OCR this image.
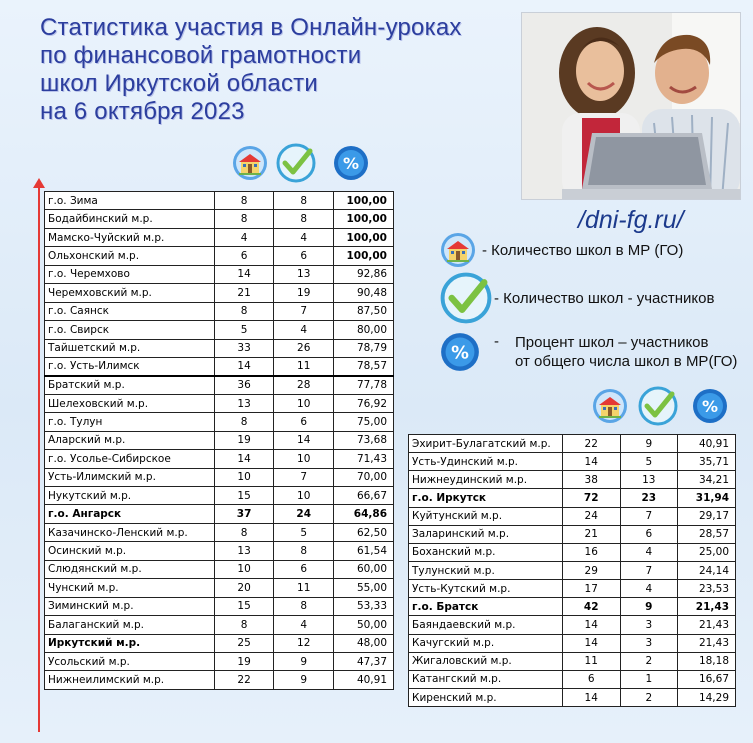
Статистика участия в Онлайн-уроках
по финансовой грамотности
школ Иркутской области
на 6 октября 2023
/dni-fg.ru/
%
г.о. Зима	8	8	100,00
Бодайбинский м.р.	8	8	100,00
Мамско-Чуйский м.р.	4	4	100,00
Ольхонский м.р.	6	6	100,00
г.о. Черемхово	14	13	92,86
Черемховский м.р.	21	19	90,48
г.о. Саянск	8	7	87,50
г.о. Свирск	5	4	80,00
Тайшетский м.р.	33	26	78,79
г.о. Усть-Илимск	14	11	78,57
Братский м.р.	36	28	77,78
Шелеховский м.р.	13	10	76,92
г.о. Тулун	8	6	75,00
Аларский м.р.	19	14	73,68
г.о. Усолье-Сибирское	14	10	71,43
Усть-Илимский м.р.	10	7	70,00
Нукутский м.р.	15	10	66,67
г.о. Ангарск	37	24	64,86
Казачинско-Ленский м.р.	8	5	62,50
Осинский м.р.	13	8	61,54
Слюдянский м.р.	10	6	60,00
Чунский м.р.	20	11	55,00
Зиминский м.р.	15	8	53,33
Балаганский м.р.	8	4	50,00
Иркутский м.р.	25	12	48,00
Усольский м.р.	19	9	47,37
Нижнеилимский м.р.	22	9	40,91
- Количество школ в МР (ГО)
- Количество школ - участников
%
- Процент школ – участников
от общего числа школ в МР(ГО)
%
Эхирит-Булагатский м.р.	22	9	40,91
Усть-Удинский м.р.	14	5	35,71
Нижнеудинский м.р.	38	13	34,21
г.о. Иркутск	72	23	31,94
Куйтунский м.р.	24	7	29,17
Заларинский м.р.	21	6	28,57
Боханский м.р.	16	4	25,00
Тулунский м.р.	29	7	24,14
Усть-Кутский м.р.	17	4	23,53
г.о. Братск	42	9	21,43
Баяндаевский м.р.	14	3	21,43
Качугский м.р.	14	3	21,43
Жигаловский м.р.	11	2	18,18
Катангский м.р.	6	1	16,67
Киренский м.р.	14	2	14,29
